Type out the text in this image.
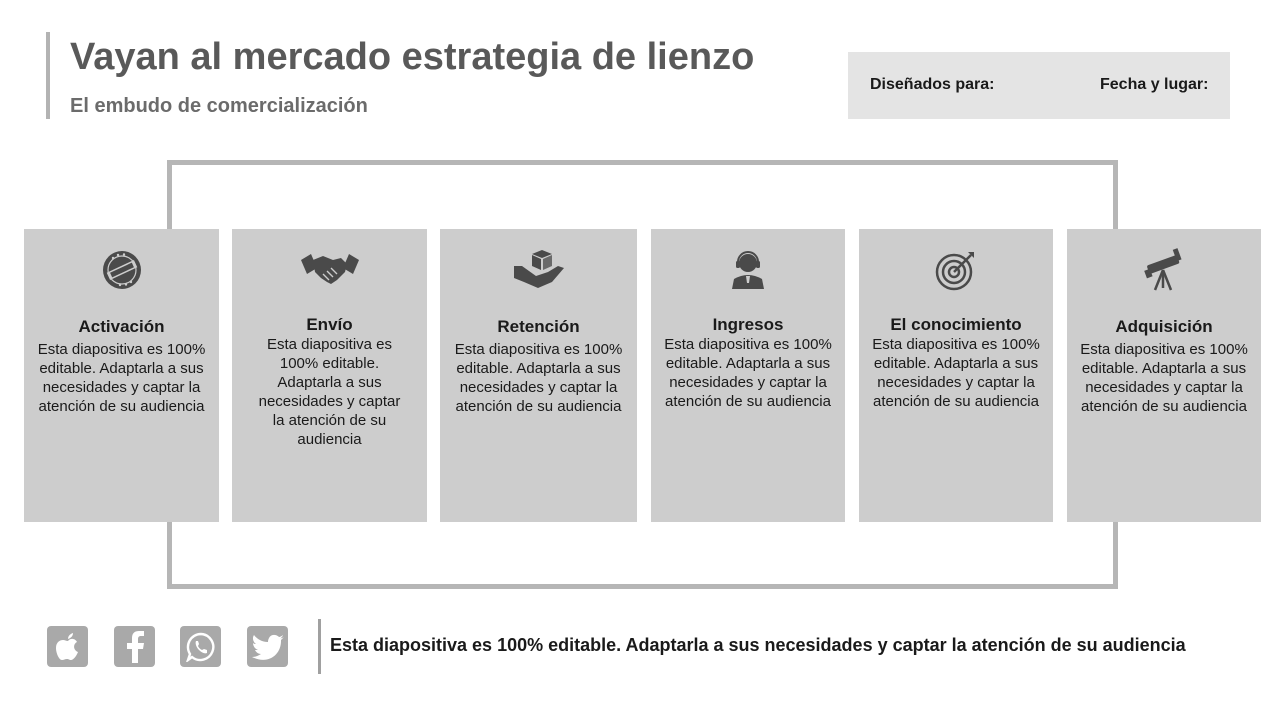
Vayan al mercado estrategia de lienzo
El embudo de comercialización
Diseñados para:	Fecha y lugar:
Activación
Esta diapositiva es 100% editable. Adaptarla a sus necesidades y captar la atención de su audiencia
Envío
Esta diapositiva es 100% editable. Adaptarla a sus necesidades y captar la atención de su audiencia
Retención
Esta diapositiva es 100% editable. Adaptarla a sus necesidades y captar la atención de su audiencia
Ingresos
Esta diapositiva es 100% editable. Adaptarla a sus necesidades y captar la atención de su audiencia
El conocimiento
Esta diapositiva es 100% editable. Adaptarla a sus necesidades y captar la atención de su audiencia
Adquisición
Esta diapositiva es 100% editable. Adaptarla a sus necesidades y captar la atención de su audiencia
Esta diapositiva es 100% editable. Adaptarla a sus necesidades y captar la atención de su audiencia
